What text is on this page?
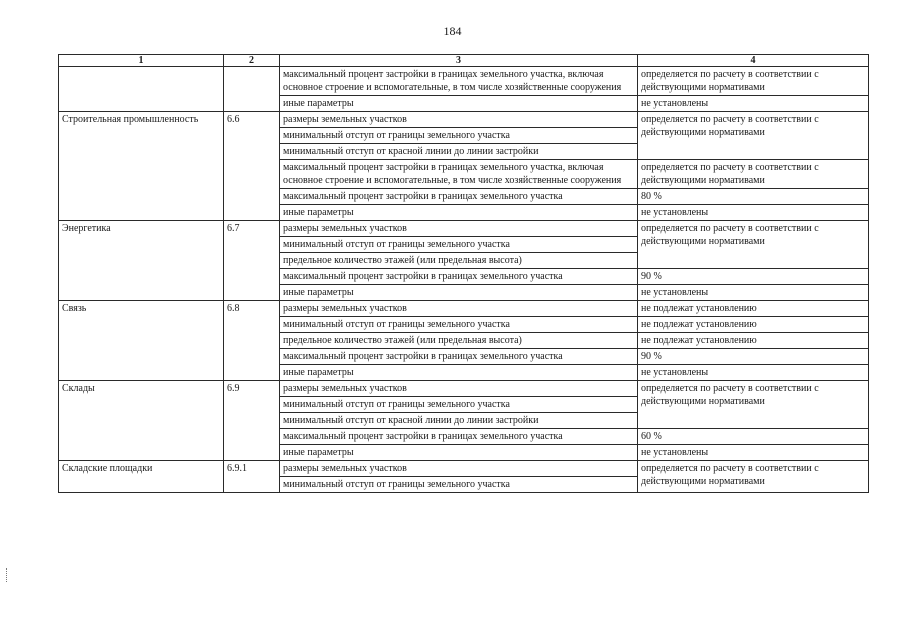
184
1	2	3	4
		максимальный процент застройки в границах земельного участка, включая основное строение и вспомогательные, в том числе хозяйственные сооружения	определяется по расчету в соответствии с действующими нормативами
		иные параметры	не установлены
Строительная промышленность	6.6	размеры земельных участков	определяется по расчету в соответствии с действующими нормативами
		минимальный отступ от границы земельного участка	
		минимальный отступ от красной линии до линии застройки	
		максимальный процент застройки в границах земельного участка, включая основное строение и вспомогательные, в том числе хозяйственные сооружения	определяется по расчету в соответствии с действующими нормативами
		максимальный процент застройки в границах земельного участка	80 %
		иные параметры	не установлены
Энергетика	6.7	размеры земельных участков	определяется по расчету в соответствии с действующими нормативами
		минимальный отступ от границы земельного участка	
		предельное количество этажей (или предельная высота)	
		максимальный процент застройки в границах земельного участка	90 %
		иные параметры	не установлены
Связь	6.8	размеры земельных участков	не подлежат установлению
		минимальный отступ от границы земельного участка	не подлежат установлению
		предельное количество этажей (или предельная высота)	не подлежат установлению
		максимальный процент застройки в границах земельного участка	90 %
		иные параметры	не установлены
Склады	6.9	размеры земельных участков	определяется по расчету в соответствии с действующими нормативами
		минимальный отступ от границы земельного участка	
		минимальный отступ от красной линии до линии застройки	
		максимальный процент застройки в границах земельного участка	60 %
		иные параметры	не установлены
Складские площадки	6.9.1	размеры земельных участков	определяется по расчету в соответствии с действующими нормативами
		минимальный отступ от границы земельного участка	
